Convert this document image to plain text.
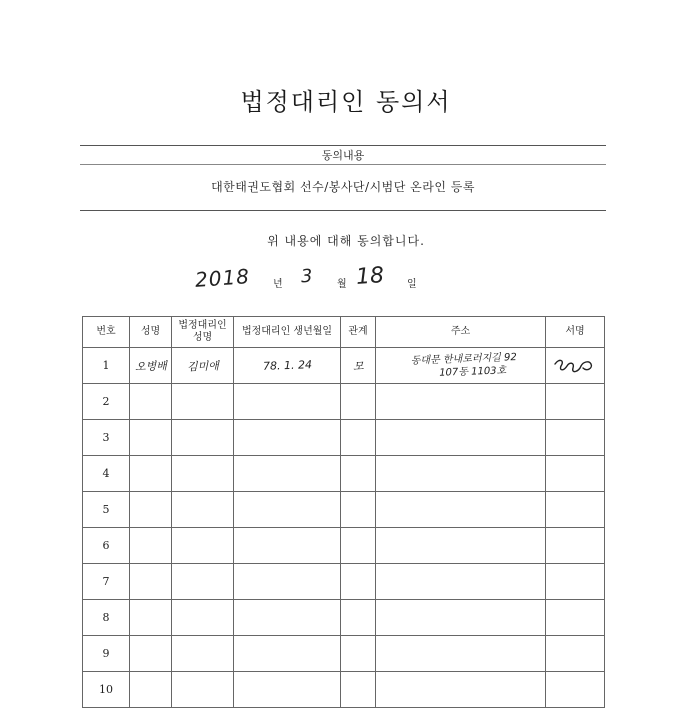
법정대리인 동의서
동의내용
대한태권도협회 선수/봉사단/시범단 온라인 등록
위 내용에 대해 동의합니다.
2018 년 3 월 18 일
번호	성명	법정대리인 성명	법정대리인 생년월일	관계	주소	서명
1	오병배	김미애	78. 1. 24	모	동대문 한내로러지길 92
107동 1103호

2						
3						
4						
5						
6						
7						
8						
9						
10						
